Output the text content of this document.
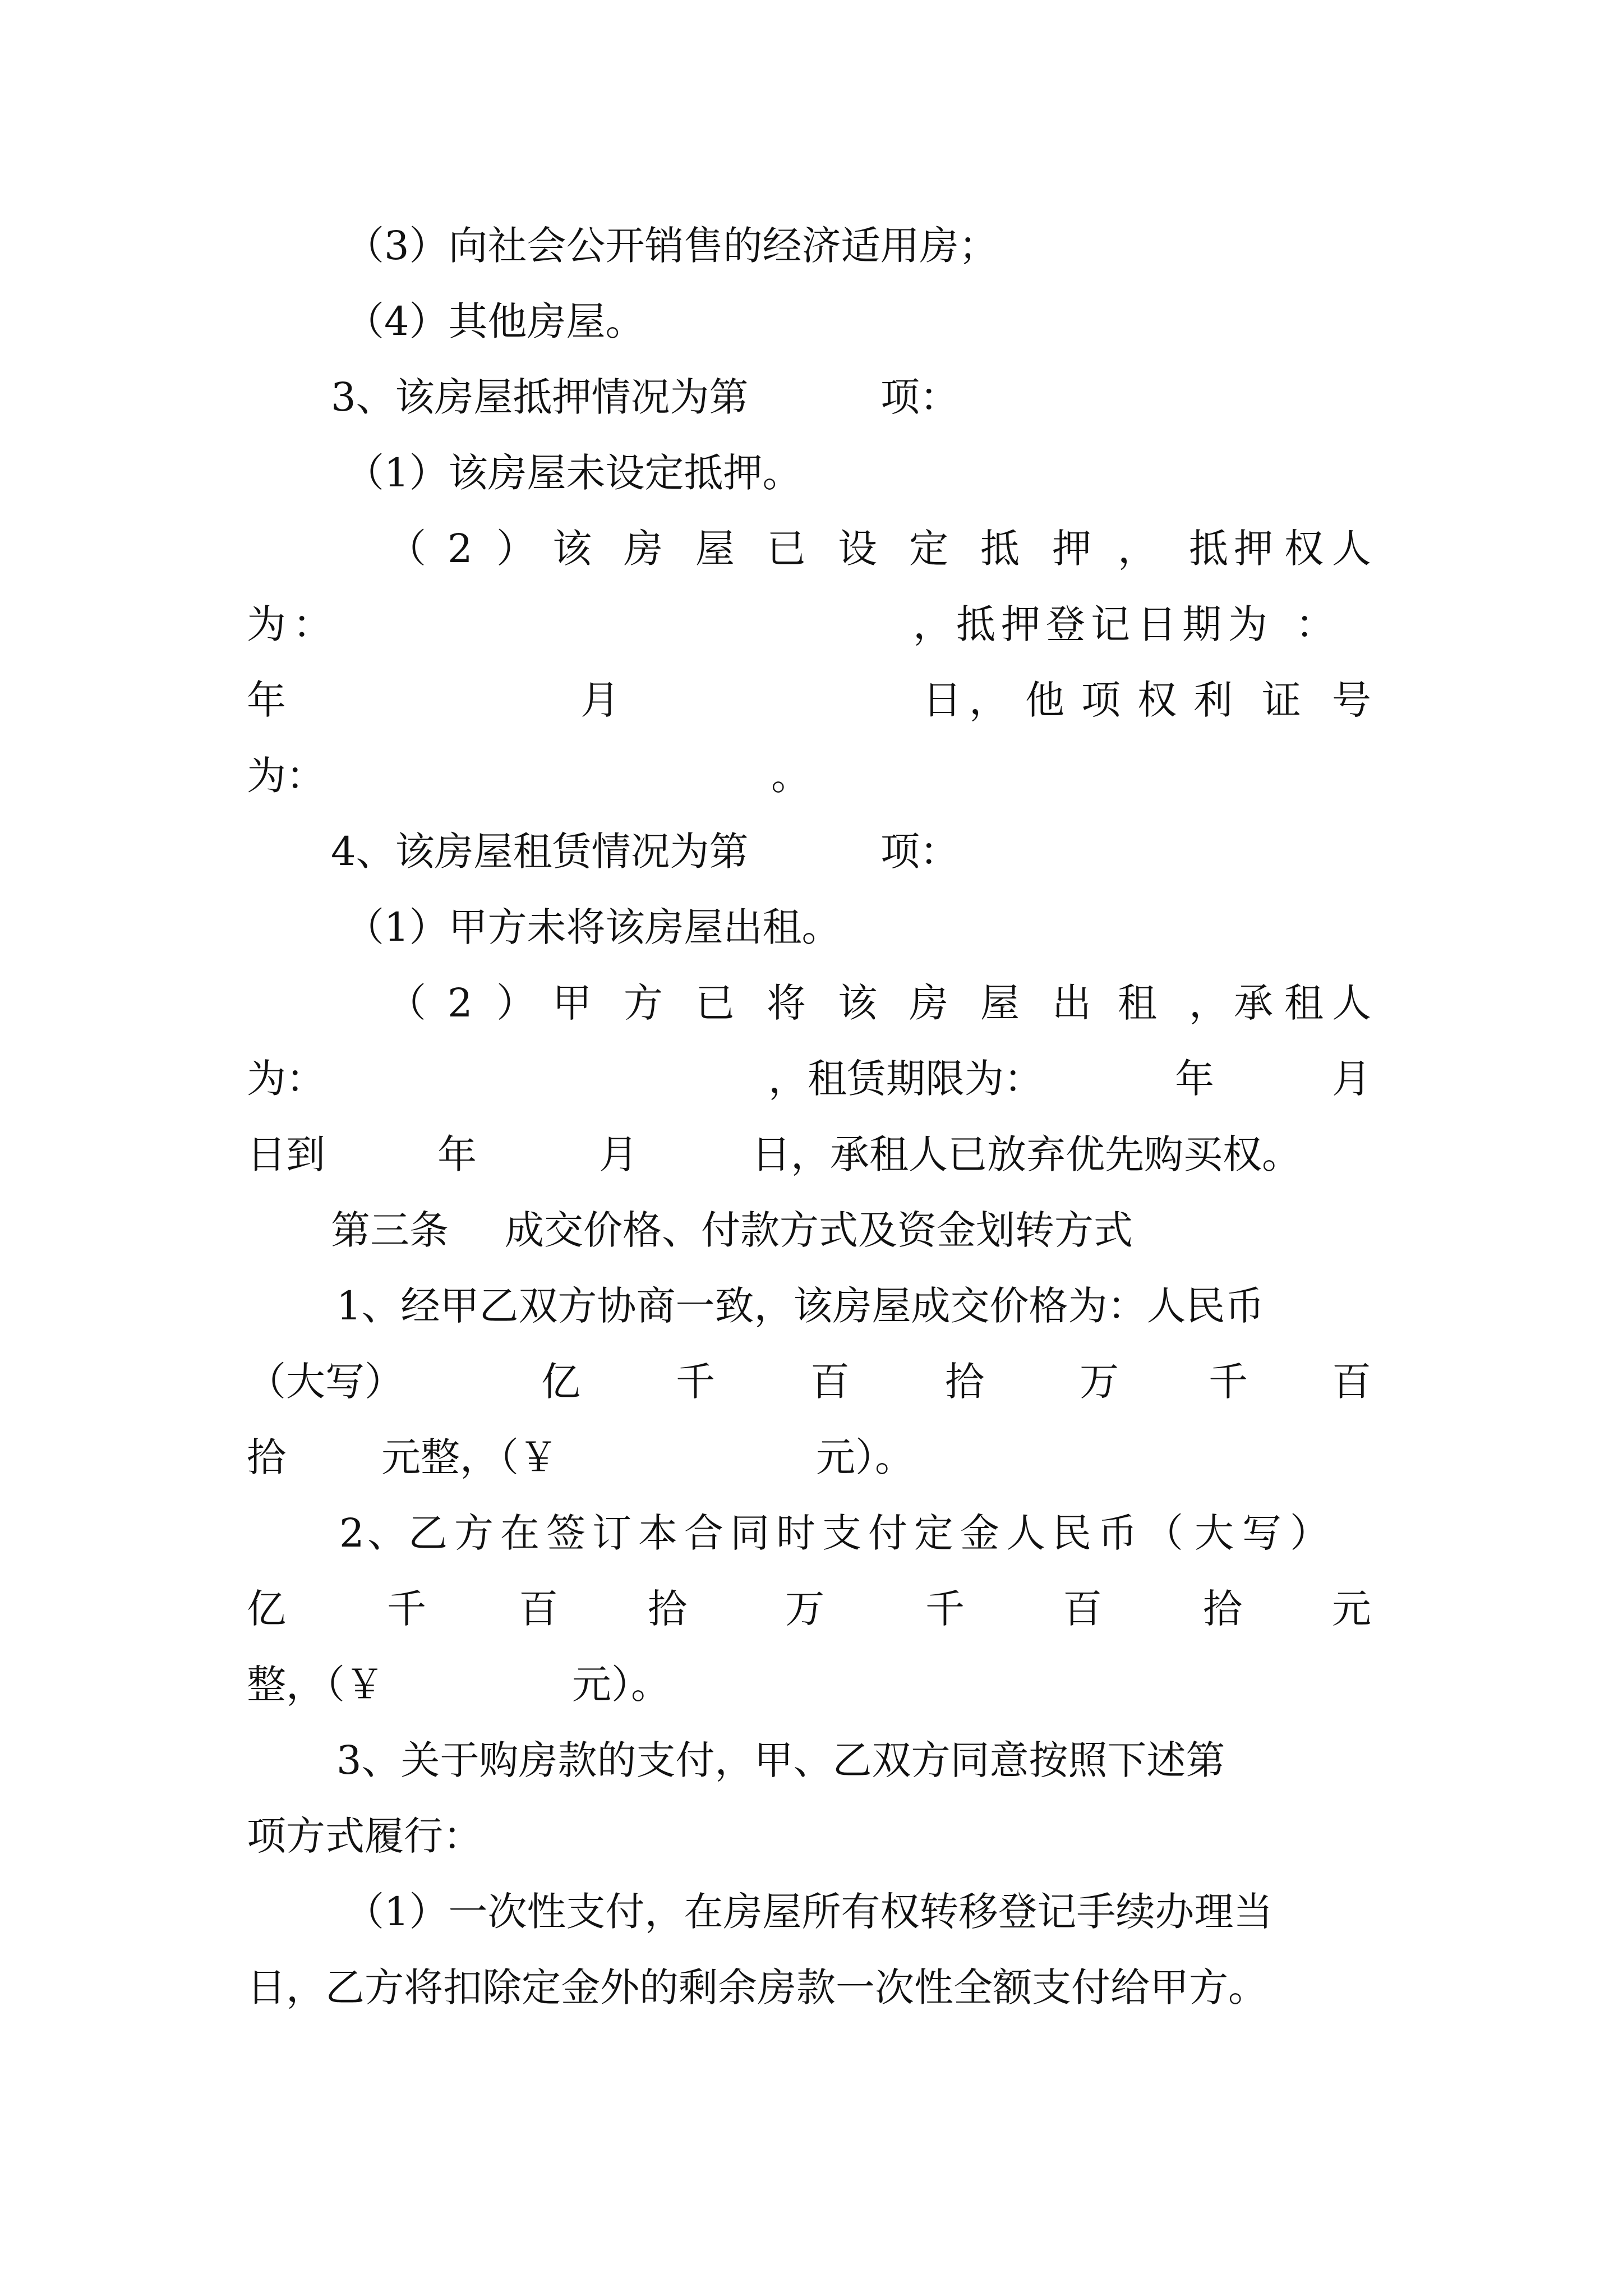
（3）向社会公开销售的经济适用房；
（4）其他房屋。
3、该房屋抵押情况为第	项：
（1）该房屋未设定抵押。
（ 2 ） 该 房 屋 已 设 定 抵 押 ， 抵 押 权 人
为 ：	， 抵 押 登 记 日 期 为 ：
年	月	日 ， 他 项 权 利 证 号
为：	。
4、该房屋租赁情况为第	项：
（1）甲方未将该房屋出租。
（ 2 ） 甲 方 已 将 该 房 屋 出 租 ， 承 租 人
为：	，租赁期限为：	年	月
日到	年	月	日，承租人已放弃优先购买权。
第三条 成交价格、付款方式及资金划转方式
1、经甲乙双方协商一致，该房屋成交价格为：人民币
（大写）	亿 千 百 拾 万 千 百
拾 元整，（￥	元）。
2 、 乙 方 在 签 订 本 合 同 时 支 付 定 金 人 民 币 （ 大 写 ）
亿	千 百 拾	万	千	百	拾 元
整，（￥	元）。
3、关于购房款的支付，甲、乙双方同意按照下述第
项方式履行：
（1）一次性支付，在房屋所有权转移登记手续办理当
日，乙方将扣除定金外的剩余房款一次性全额支付给甲方。
